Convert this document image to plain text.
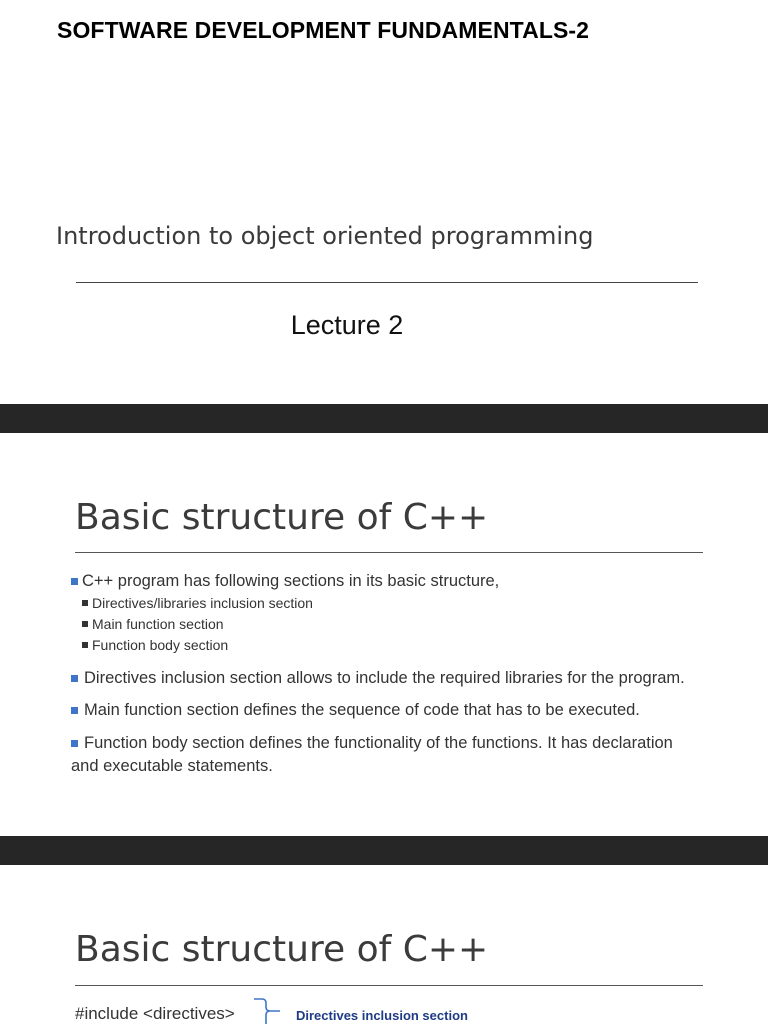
SOFTWARE DEVELOPMENT FUNDAMENTALS-2
Introduction to object oriented programming
Lecture 2
Basic structure of C++
C++ program has following sections in its basic structure,
Directives/libraries inclusion section
Main function section
Function body section
Directives inclusion section allows to include the required libraries for the program.
Main function section defines the sequence of code that has to be executed.
Function body section defines the functionality of the functions. It has declaration and executable statements.
Basic structure of C++
#include <directives>	Directives inclusion section
